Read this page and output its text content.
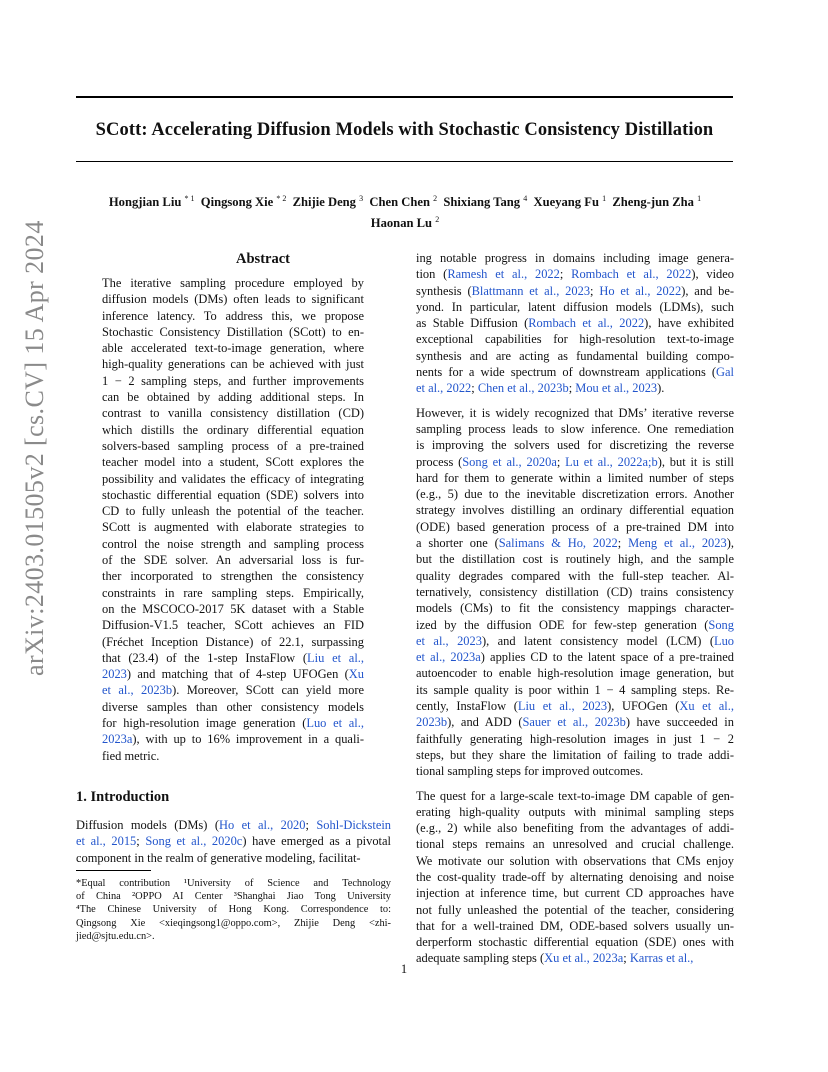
SCott: Accelerating Diffusion Models with Stochastic Consistency Distillation
Hongjian Liu $^{* 1}$ Qingsong Xie $^{* 2}$ Zhijie Deng $^3$ Chen Chen $^2$ Shixiang Tang $^4$ Xueyang Fu $^1$ Zheng-jun Zha $^1$
Haonan Lu $^2$
arXiv:2403.01505v2 [cs.CV] 15 Apr 2024	Abstract

The iterative sampling procedure employed by
diffusion models (DMs) often leads to significant
inference latency. To address this, we propose
Stochastic Consistency Distillation (SCott) to en-
able accelerated text-to-image generation, where
high-quality generations can be achieved with just
1 − 2 sampling steps, and further improvements
can be obtained by adding additional steps. In
contrast to vanilla consistency distillation (CD)
which distills the ordinary differential equation
solvers-based sampling process of a pre-trained
teacher model into a student, SCott explores the
possibility and validates the efficacy of integrating
stochastic differential equation (SDE) solvers into
CD to fully unleash the potential of the teacher.
SCott is augmented with elaborate strategies to
control the noise strength and sampling process
of the SDE solver. An adversarial loss is fur-
ther incorporated to strengthen the consistency
constraints in rare sampling steps. Empirically,
on the MSCOCO-2017 5K dataset with a Stable
Diffusion-V1.5 teacher, SCott achieves an FID
(Fréchet Inception Distance) of 22.1, surpassing
that (23.4) of the 1-step InstaFlow (Liu et al.,
2023) and matching that of 4-step UFOGen (Xu
et al., 2023b). Moreover, SCott can yield more
diverse samples than other consistency models
for high-resolution image generation (Luo et al.,
2023a), with up to 16% improvement in a quali-
fied metric.

1. Introduction

Diffusion models (DMs) (Ho et al., 2020; Sohl-Dickstein
et al., 2015; Song et al., 2020c) have emerged as a pivotal
component in the realm of generative modeling, facilitat-

*Equal contribution ¹University of Science and Technology
of China ²OPPO AI Center ³Shanghai Jiao Tong University
⁴The Chinese University of Hong Kong. Correspondence to:
Qingsong Xie <xieqingsong1@oppo.com>, Zhijie Deng <zhi-
jied@sjtu.edu.cn>.

ing notable progress in domains including image genera-
tion (Ramesh et al., 2022; Rombach et al., 2022), video
synthesis (Blattmann et al., 2023; Ho et al., 2022), and be-
yond. In particular, latent diffusion models (LDMs), such
as Stable Diffusion (Rombach et al., 2022), have exhibited
exceptional capabilities for high-resolution text-to-image
synthesis and are acting as fundamental building compo-
nents for a wide spectrum of downstream applications (Gal
et al., 2022; Chen et al., 2023b; Mou et al., 2023).

However, it is widely recognized that DMs’ iterative reverse
sampling process leads to slow inference. One remediation
is improving the solvers used for discretizing the reverse
process (Song et al., 2020a; Lu et al., 2022a;b), but it is still
hard for them to generate within a limited number of steps
(e.g., 5) due to the inevitable discretization errors. Another
strategy involves distilling an ordinary differential equation
(ODE) based generation process of a pre-trained DM into
a shorter one (Salimans & Ho, 2022; Meng et al., 2023),
but the distillation cost is routinely high, and the sample
quality degrades compared with the full-step teacher. Al-
ternatively, consistency distillation (CD) trains consistency
models (CMs) to fit the consistency mappings character-
ized by the diffusion ODE for few-step generation (Song
et al., 2023), and latent consistency model (LCM) (Luo
et al., 2023a) applies CD to the latent space of a pre-trained
autoencoder to enable high-resolution image generation, but
its sample quality is poor within 1 − 4 sampling steps. Re-
cently, InstaFlow (Liu et al., 2023), UFOGen (Xu et al.,
2023b), and ADD (Sauer et al., 2023b) have succeeded in
faithfully generating high-resolution images in just 1 − 2
steps, but they share the limitation of failing to trade addi-
tional sampling steps for improved outcomes.

The quest for a large-scale text-to-image DM capable of gen-
erating high-quality outputs with minimal sampling steps
(e.g., 2) while also benefiting from the advantages of addi-
tional steps remains an unresolved and crucial challenge.
We motivate our solution with observations that CMs enjoy
the cost-quality trade-off by alternating denoising and noise
injection at inference time, but current CD approaches have
not fully unleashed the potential of the teacher, considering
that for a well-trained DM, ODE-based solvers usually un-
derperform stochastic differential equation (SDE) ones with
adequate sampling steps (Xu et al., 2023a; Karras et al.,

1
